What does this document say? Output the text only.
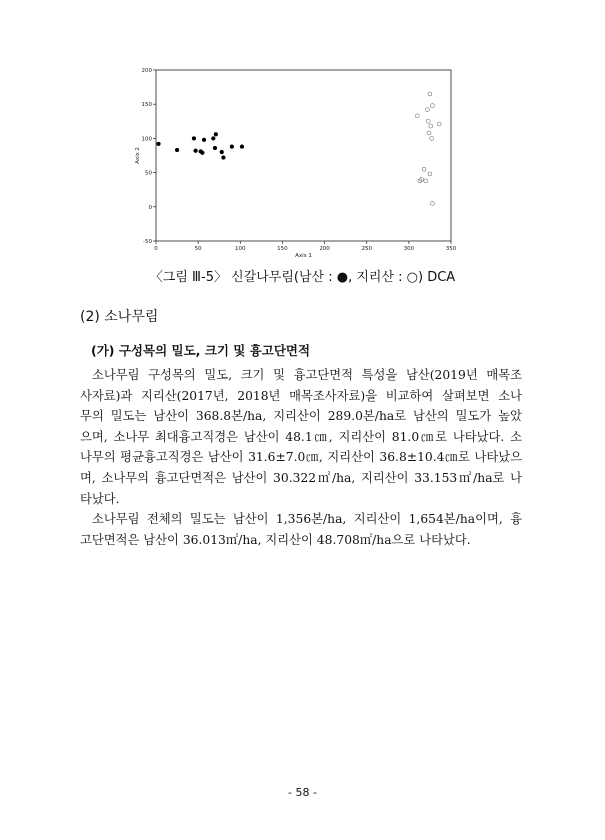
0	50	100	150	200	250	300	350
-50
0
50
100
150
200
Axis 1
Axis 2
〈그림 Ⅲ-5〉 신갈나무림(남산 : ●, 지리산 : ○) DCA
(2) 소나무림
(가) 구성목의 밀도, 크기 및 흉고단면적
소나무림 구성목의 밀도, 크기 및 흉고단면적 특성을 남산(2019년 매목조
사자료)과 지리산(2017년, 2018년 매목조사자료)을 비교하여 살펴보면 소나
무의 밀도는 남산이 368.8본/ha, 지리산이 289.0본/ha로 남산의 밀도가 높았
으며, 소나무 최대흉고직경은 남산이 48.1㎝, 지리산이 81.0㎝로 나타났다. 소
나무의 평균흉고직경은 남산이 31.6±7.0㎝, 지리산이 36.8±10.4㎝로 나타났으
며, 소나무의 흉고단면적은 남산이 30.322㎡/ha, 지리산이 33.153㎡/ha로 나
타났다.
소나무림 전체의 밀도는 남산이 1,356본/ha, 지리산이 1,654본/ha이며, 흉
고단면적은 남산이 36.013㎡/ha, 지리산이 48.708㎡/ha으로 나타났다.
- 58 -
